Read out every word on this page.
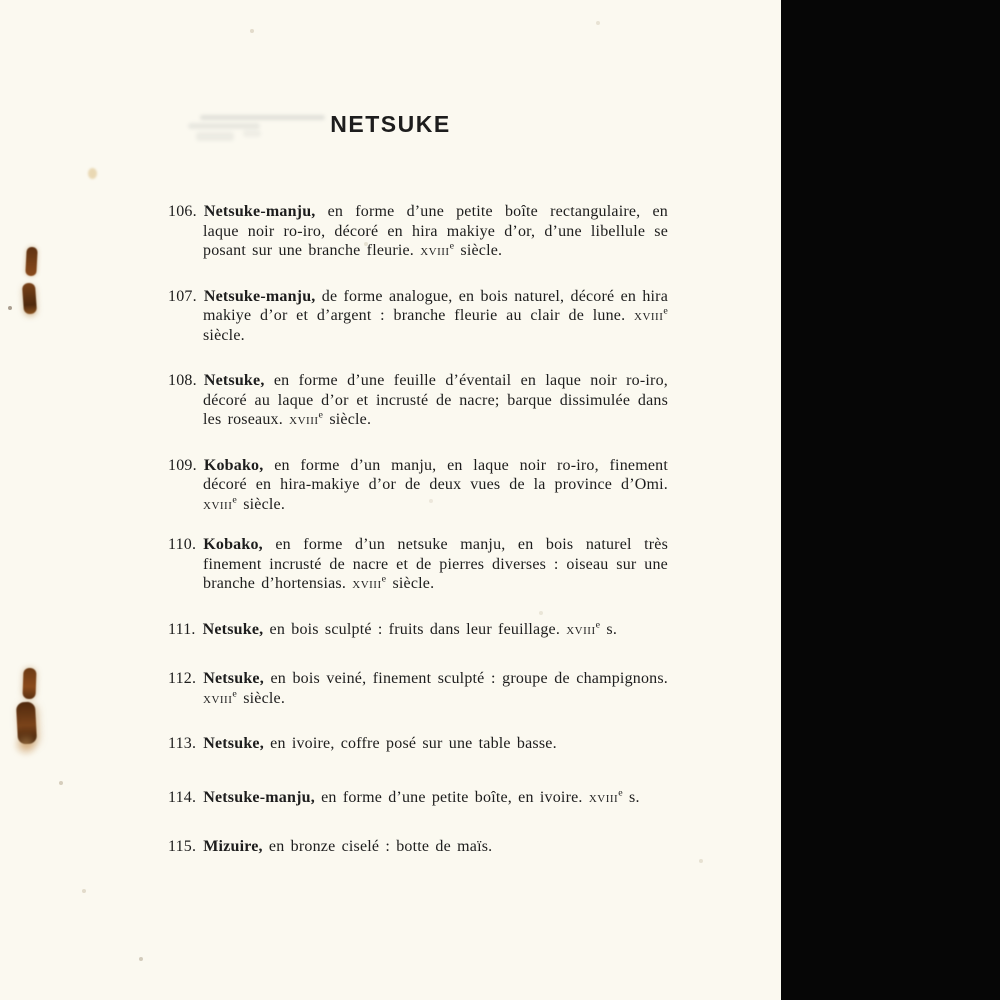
NETSUKE

106. Netsuke-manju, en forme d’une petite boîte rectangulaire, en laque noir ro-iro, décoré en hira makiye d’or, d’une libellule se posant sur une branche fleurie. xviii$^e$ siècle.

107. Netsuke-manju, de forme analogue, en bois naturel, décoré en hira makiye d’or et d’argent : branche fleurie au clair de lune. xviii$^e$ siècle.

108. Netsuke, en forme d’une feuille d’éventail en laque noir ro-iro, décoré au laque d’or et incrusté de nacre; barque dissimulée dans les roseaux. xviii$^e$ siècle.

109. Kobako, en forme d’un manju, en laque noir ro-iro, finement décoré en hira-makiye d’or de deux vues de la province d’Omi. xviii$^e$ siècle.

110. Kobako, en forme d’un netsuke manju, en bois naturel très finement incrusté de nacre et de pierres diverses : oiseau sur une branche d’hortensias. xviii$^e$ siècle.

111. Netsuke, en bois sculpté : fruits dans leur feuillage. xviii$^e$ s.

112. Netsuke, en bois veiné, finement sculpté : groupe de champignons. xviii$^e$ siècle.

113. Netsuke, en ivoire, coffre posé sur une table basse.

114. Netsuke-manju, en forme d’une petite boîte, en ivoire. xviii$^e$ s.

115. Mizuire, en bronze ciselé : botte de maïs.
